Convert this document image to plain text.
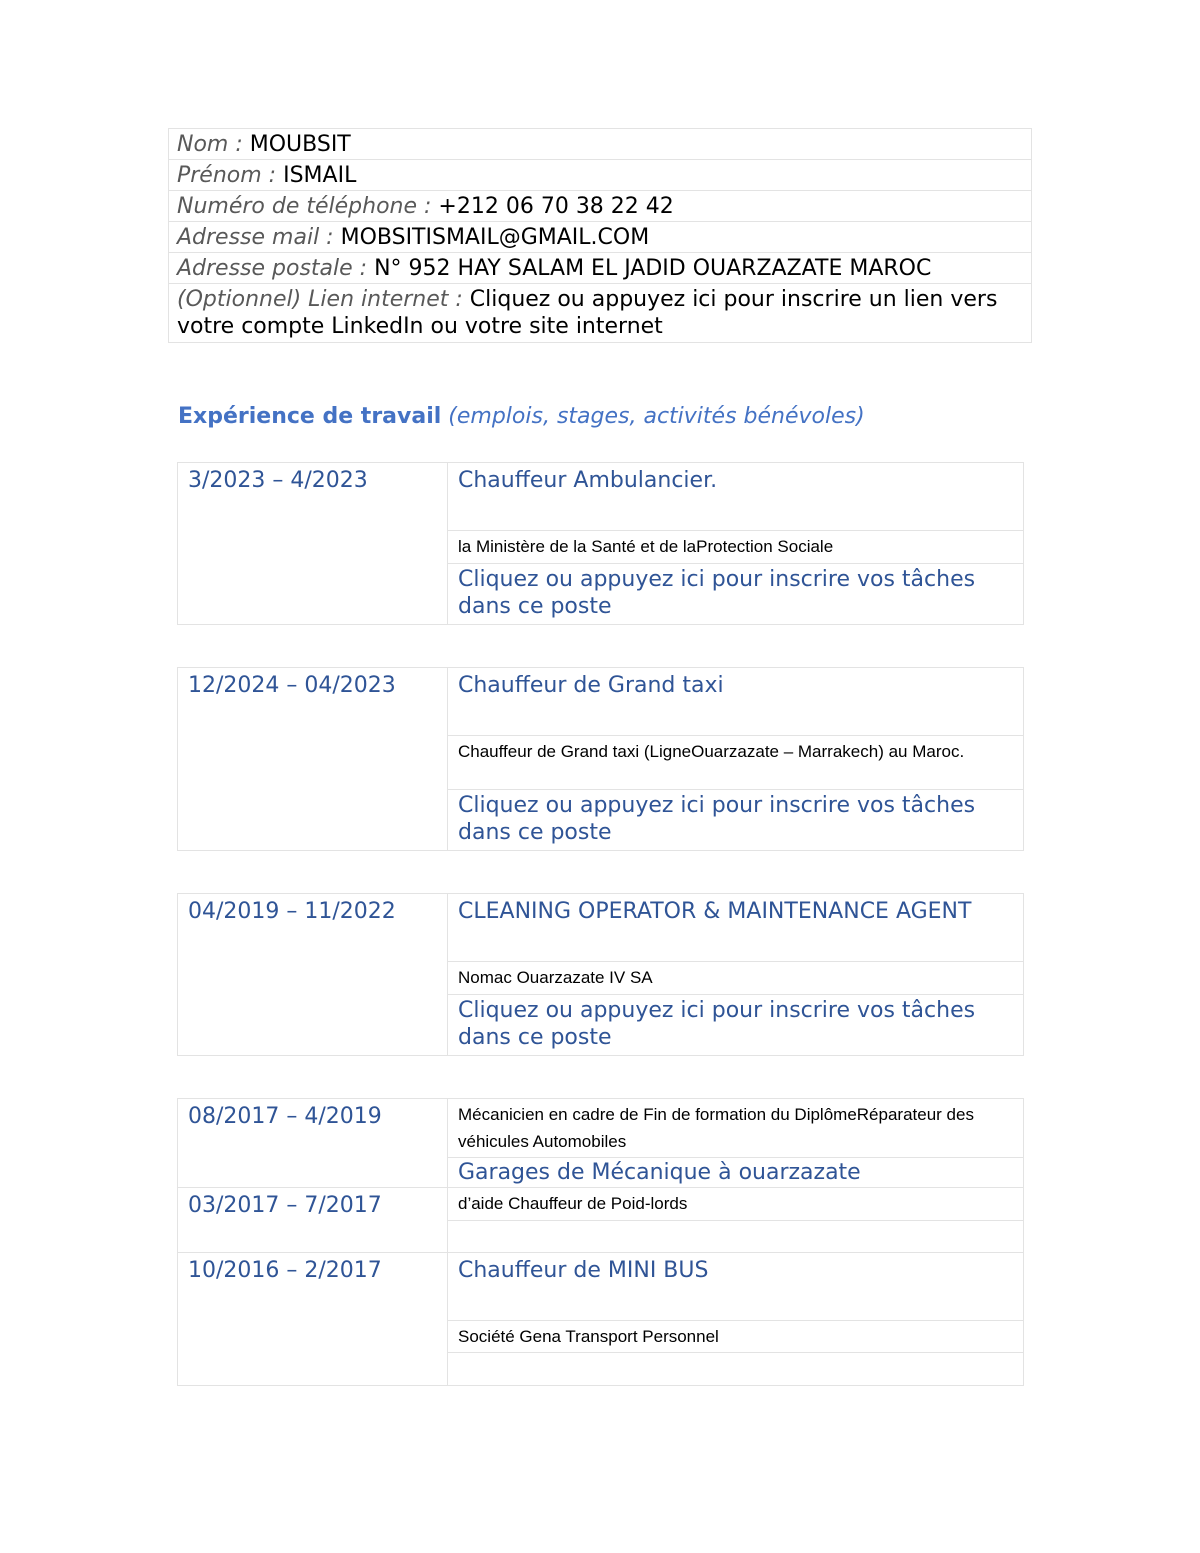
Nom : MOUBSIT
Prénom : ISMAIL
Numéro de téléphone : +212 06 70 38 22 42
Adresse mail : MOBSITISMAIL@GMAIL.COM
Adresse postale : N° 952 HAY SALAM EL JADID OUARZAZATE MAROC
(Optionnel) Lien internet : Cliquez ou appuyez ici pour inscrire un lien vers votre compte LinkedIn ou votre site internet
Expérience de travail (emplois, stages, activités bénévoles)
3/2023 – 4/2023	Chauffeur Ambulancier.

la Ministère de la Santé et de laProtection Sociale

Cliquez ou appuyez ici pour inscrire vos tâches dans ce poste
12/2024 – 04/2023	Chauffeur de Grand taxi

Chauffeur de Grand taxi (LigneOuarzazate – Marrakech) au Maroc.

Cliquez ou appuyez ici pour inscrire vos tâches dans ce poste
04/2019 – 11/2022	CLEANING OPERATOR & MAINTENANCE AGENT

Nomac Ouarzazate IV SA

Cliquez ou appuyez ici pour inscrire vos tâches dans ce poste
08/2017 – 4/2019	Mécanicien en cadre de Fin de formation du DiplômeRéparateur des véhicules Automobiles

	Garages de Mécanique à ouarzazate

03/2017 – 7/2017	d’aide Chauffeur de Poid-lords

10/2016 – 2/2017	Chauffeur de MINI BUS

	Société Gena Transport Personnel
